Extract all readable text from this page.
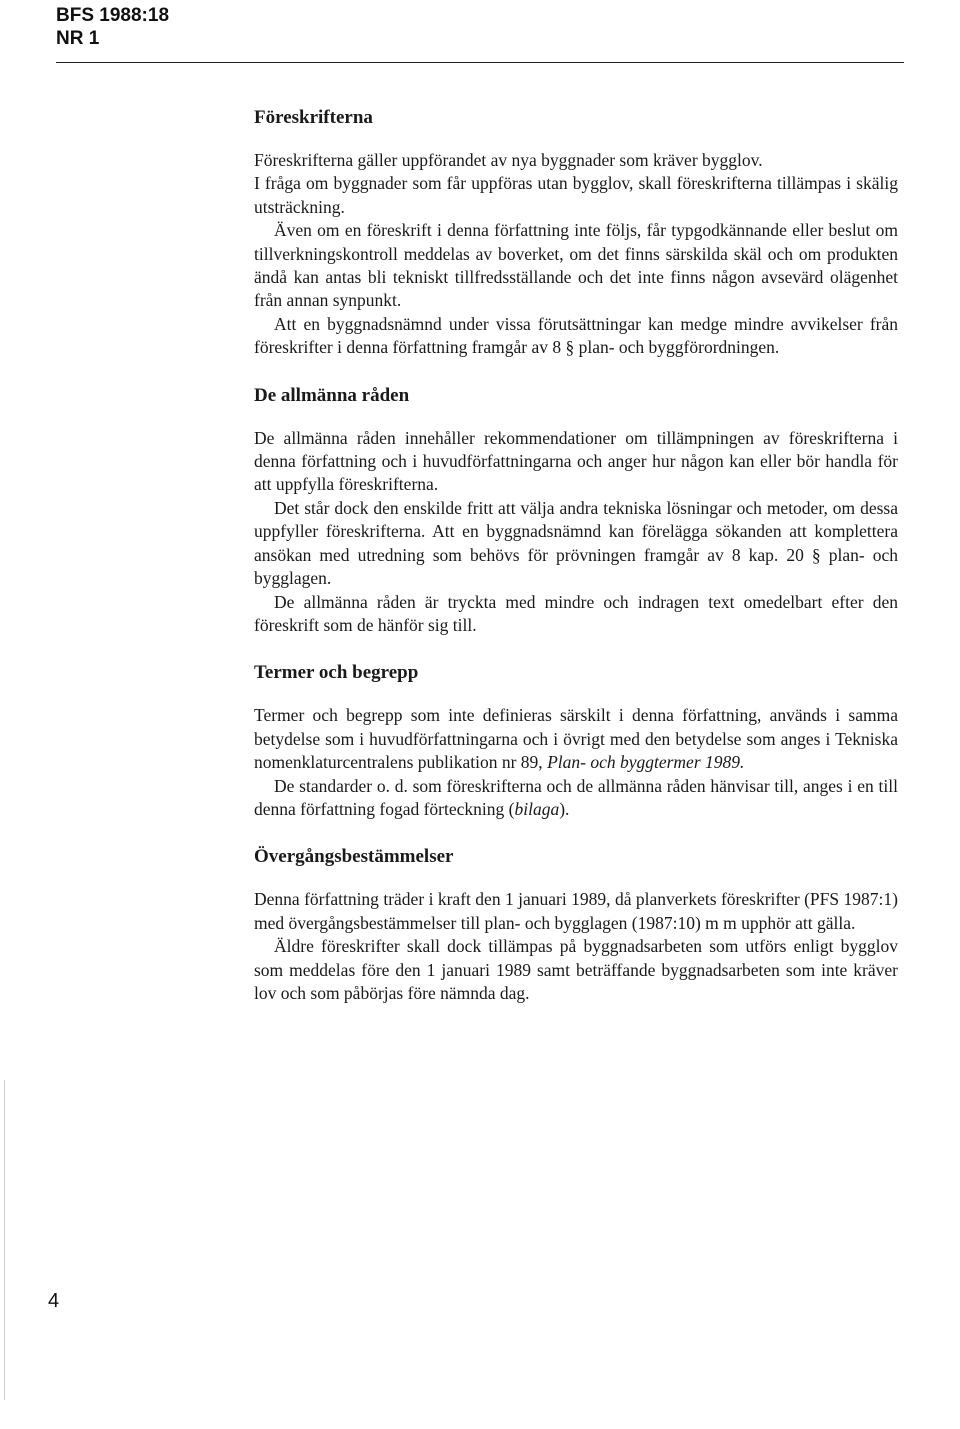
BFS 1988:18
NR 1
Föreskrifterna

Föreskrifterna gäller uppförandet av nya byggnader som kräver bygglov.

I fråga om byggnader som får uppföras utan bygglov, skall föreskrifterna tillämpas i skälig utsträckning.

Även om en föreskrift i denna författning inte följs, får typgodkännande eller beslut om tillverkningskontroll meddelas av boverket, om det finns särskilda skäl och om produkten ändå kan antas bli tekniskt tillfredsställande och det inte finns någon avsevärd olägenhet från annan synpunkt.

Att en byggnadsnämnd under vissa förutsättningar kan medge mindre avvikelser från föreskrifter i denna författning framgår av 8 § plan- och byggförordningen.

De allmänna råden

De allmänna råden innehåller rekommendationer om tillämpningen av föreskrifterna i denna författning och i huvudförfattningarna och anger hur någon kan eller bör handla för att uppfylla föreskrifterna.

Det står dock den enskilde fritt att välja andra tekniska lösningar och metoder, om dessa uppfyller föreskrifterna. Att en byggnadsnämnd kan förelägga sökanden att komplettera ansökan med utredning som behövs för prövningen framgår av 8 kap. 20 § plan- och bygglagen.

De allmänna råden är tryckta med mindre och indragen text omedelbart efter den föreskrift som de hänför sig till.

Termer och begrepp

Termer och begrepp som inte definieras särskilt i denna författning, används i samma betydelse som i huvudförfattningarna och i övrigt med den betydelse som anges i Tekniska nomenklaturcentralens publikation nr 89, Plan- och byggtermer 1989.

De standarder o. d. som föreskrifterna och de allmänna råden hänvisar till, anges i en till denna författning fogad förteckning (bilaga).

Övergångsbestämmelser

Denna författning träder i kraft den 1 januari 1989, då planverkets föreskrifter (PFS 1987:1) med övergångsbestämmelser till plan- och bygglagen (1987:10) m m upphör att gälla.

Äldre föreskrifter skall dock tillämpas på byggnadsarbeten som utförs enligt bygglov som meddelas före den 1 januari 1989 samt beträffande byggnadsarbeten som inte kräver lov och som påbörjas före nämnda dag.

4
